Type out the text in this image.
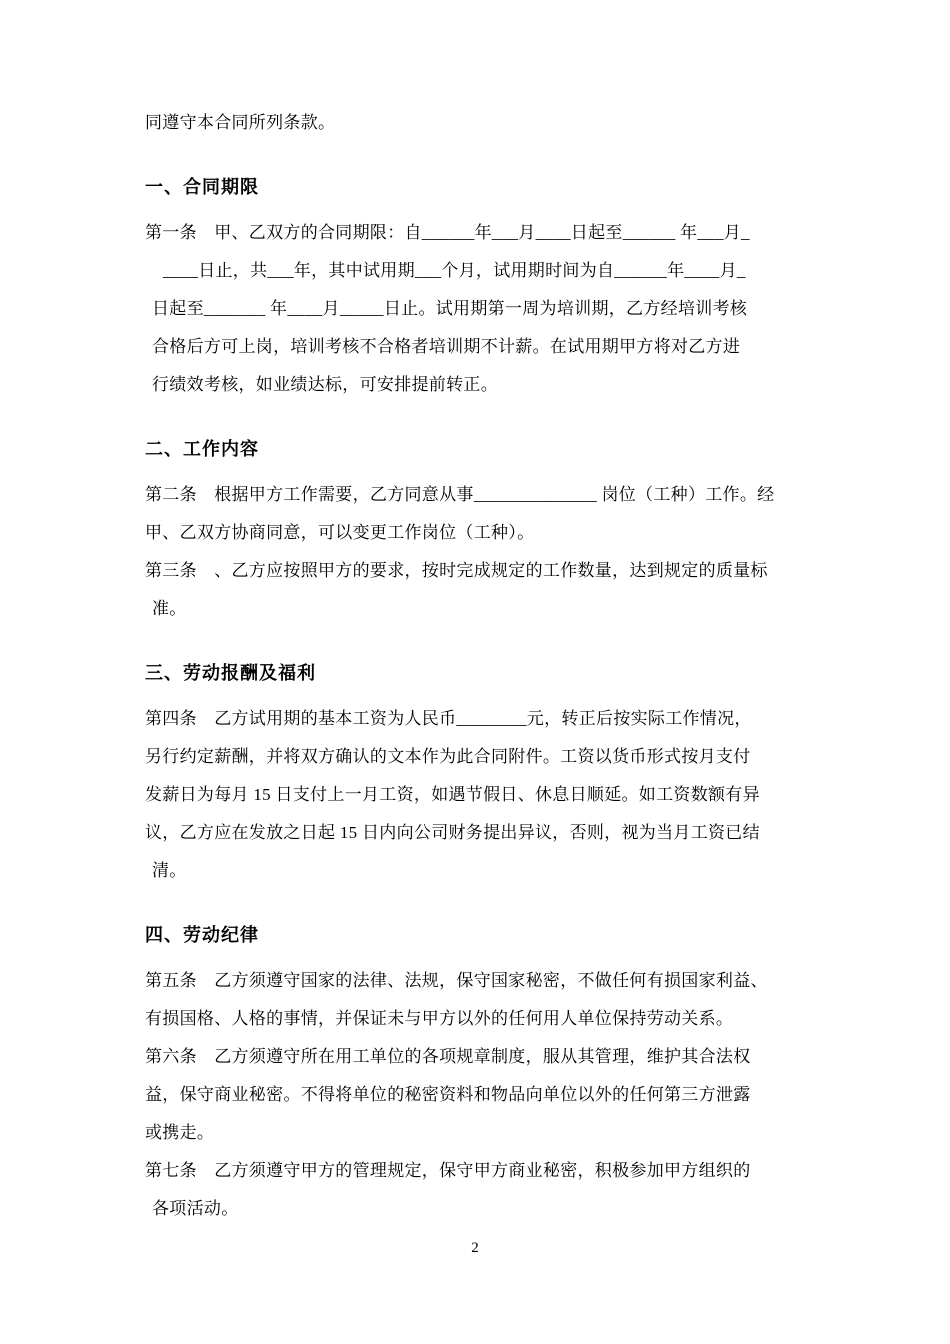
同遵守本合同所列条款。
一、合同期限
第一条　甲、乙双方的合同期限：自______年___月____日起至______ 年___月_
____日止，共___年，其中试用期___个月，试用期时间为自______年____月_
日起至_______ 年____月_____日止。试用期第一周为培训期，乙方经培训考核
合格后方可上岗，培训考核不合格者培训期不计薪。在试用期甲方将对乙方进
行绩效考核，如业绩达标，可安排提前转正。
二、工作内容
第二条　根据甲方工作需要，乙方同意从事______________ 岗位（工种）工作。经
甲、乙双方协商同意，可以变更工作岗位（工种）。
第三条　、乙方应按照甲方的要求，按时完成规定的工作数量，达到规定的质量标
准。
三、劳动报酬及福利
第四条　乙方试用期的基本工资为人民币________元，转正后按实际工作情况，
另行约定薪酬，并将双方确认的文本作为此合同附件。工资以货币形式按月支付
发薪日为每月 15 日支付上一月工资，如遇节假日、休息日顺延。如工资数额有异
议，乙方应在发放之日起 15 日内向公司财务提出异议，否则，视为当月工资已结
清。
四、劳动纪律
第五条　乙方须遵守国家的法律、法规，保守国家秘密，不做任何有损国家利益、
有损国格、人格的事情，并保证未与甲方以外的任何用人单位保持劳动关系。
第六条　乙方须遵守所在用工单位的各项规章制度，服从其管理，维护其合法权
益，保守商业秘密。不得将单位的秘密资料和物品向单位以外的任何第三方泄露
或携走。
第七条　乙方须遵守甲方的管理规定，保守甲方商业秘密，积极参加甲方组织的
各项活动。
2
